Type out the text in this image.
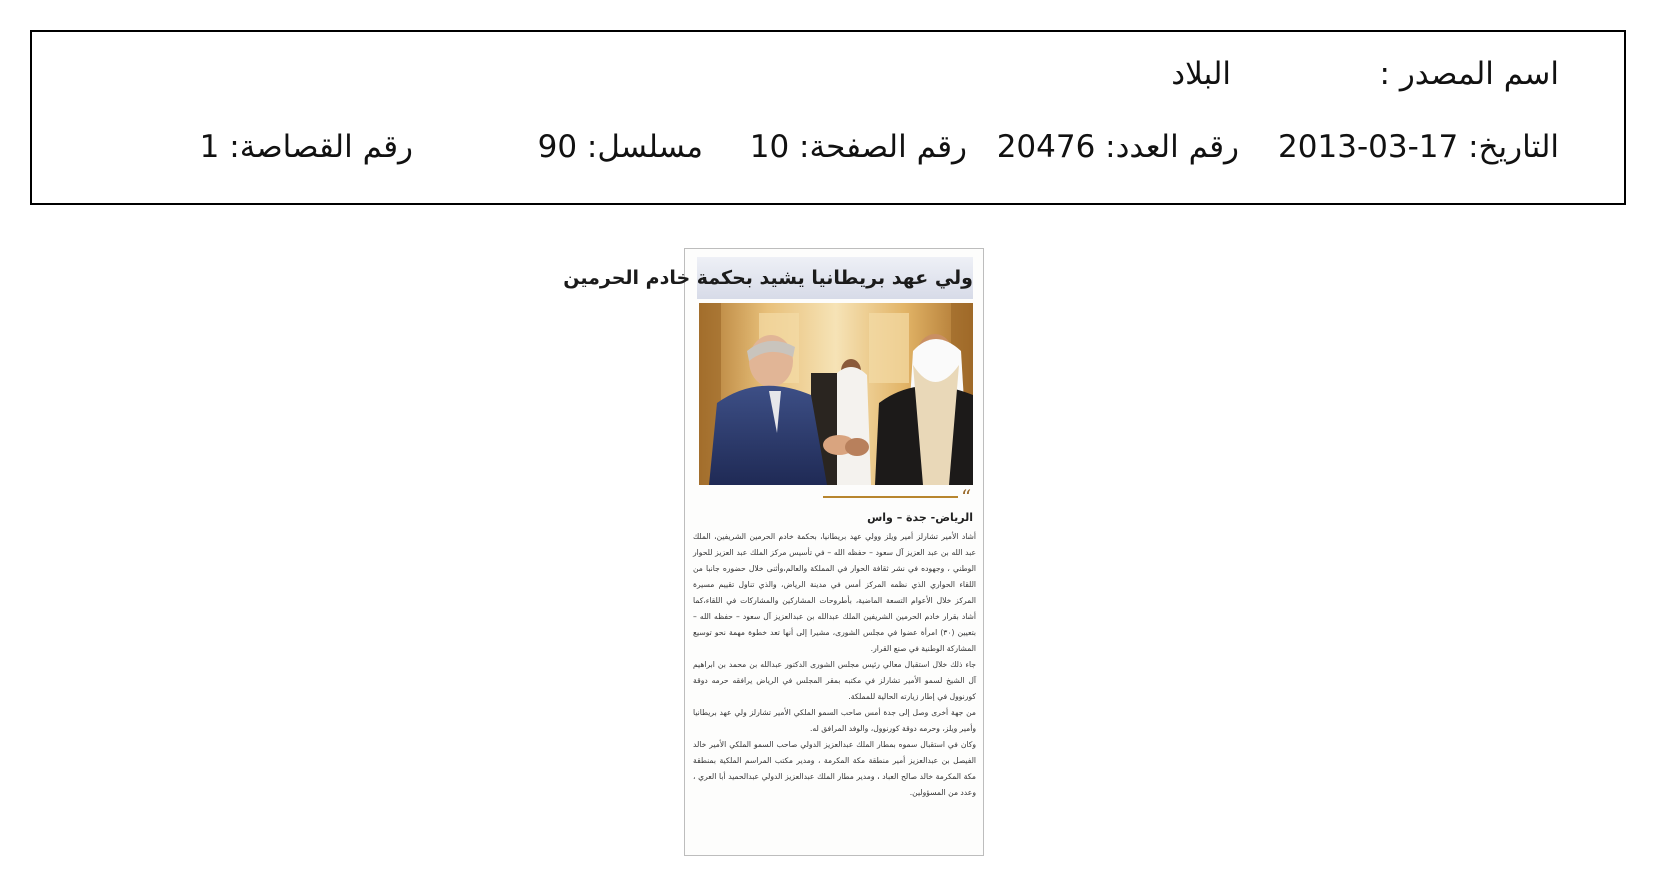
اسم المصدر :
البلاد
التاريخ: 17-03-2013
رقم العدد: 20476
رقم الصفحة: 10
مسلسل: 90
رقم القصاصة: 1
ولي عهد بريطانيا يشيد بحكمة خادم الحرمين
“
الرياض- جدة – واس

أشاد الأمير تشارلز أمير ويلز وولي عهد بريطانيا، بحكمة خادم الحرمين الشريفين، الملك عبد الله بن عبد العزيز آل سعود – حفظه الله – في تأسيس مركز الملك عبد العزيز للحوار الوطني ، وجهوده في نشر ثقافة الحوار في المملكة والعالم،وأثنى خلال حضوره جانبا من اللقاء الحواري الذي نظمه المركز أمس في مدينة الرياض، والذي تناول تقييم مسيرة المركز خلال الأعوام التسعة الماضية، بأطروحات المشاركين والمشاركات في اللقاء،كما أشاد بقرار خادم الحرمين الشريفين الملك عبدالله بن عبدالعزيز آل سعود – حفظه الله – بتعيين (٣٠) امرأة عضوا في مجلس الشورى، مشيرا إلى أنها تعد خطوة مهمة نحو توسيع المشاركة الوطنية في صنع القرار.

جاء ذلك خلال استقبال معالي رئيس مجلس الشورى الدكتور عبدالله بن محمد بن ابراهيم آل الشيخ لسمو الأمير تشارلز في مكتبه بمقر المجلس في الرياض يرافقه حرمه دوقة كورنوول في إطار زيارته الحالية للمملكة.

من جهة أخرى وصل إلى جدة أمس صاحب السمو الملكي الأمير تشارلز ولي عهد بريطانيا وأمير ويلز، وحرمه دوقة كورنوول، والوفد المرافق له.

وكان في استقبال سموه بمطار الملك عبدالعزيز الدولي صاحب السمو الملكي الأمير خالد الفيصل بن عبدالعزيز أمير منطقة مكة المكرمة ، ومدير مكتب المراسم الملكية بمنطقة مكة المكرمة خالد صالح العباد ، ومدير مطار الملك عبدالعزيز الدولي عبدالحميد أبا العري ، وعدد من المسؤولين.
